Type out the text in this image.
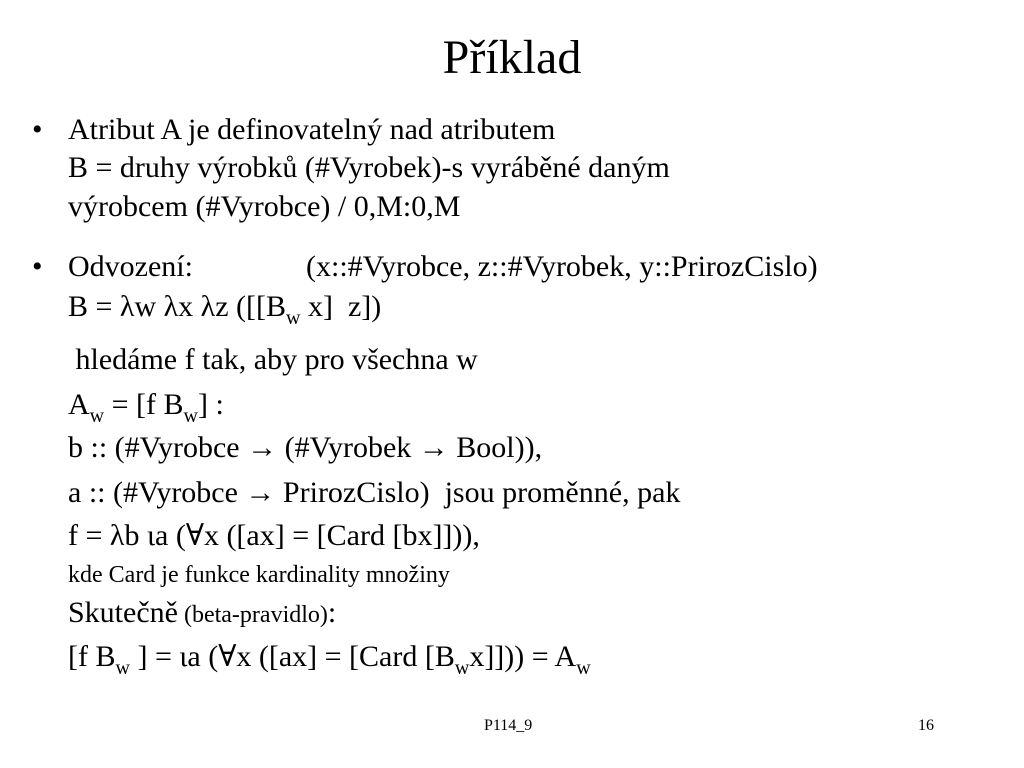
Příklad
• Atribut A je definovatelný nad atributem
B = druhy výrobků (#Vyrobek)-s vyráběné daným
výrobcem (#Vyrobce) / 0,M:0,M
• Odvození:	(x::#Vyrobce, z::#Vyrobek, y::PrirozCislo)
B = λw λx λz ([[$B_w$ x]  z])
hledáme f tak, aby pro všechna w
$A_w = [f$ $B_w$] :
b :: (#Vyrobce → (#Vyrobek → Bool)),
a :: (#Vyrobce → PrirozCislo)  jsou proměnné, pak
f = λb ιa (∀x ([ax] = [Card [bx]])),
kde Card je funkce kardinality množiny
Skutečně (beta-pravidlo):
[f $B_w$ ] = ιa (∀x ([ax] = [Card $[B_wx]])) = A_w$
P114_9	16
